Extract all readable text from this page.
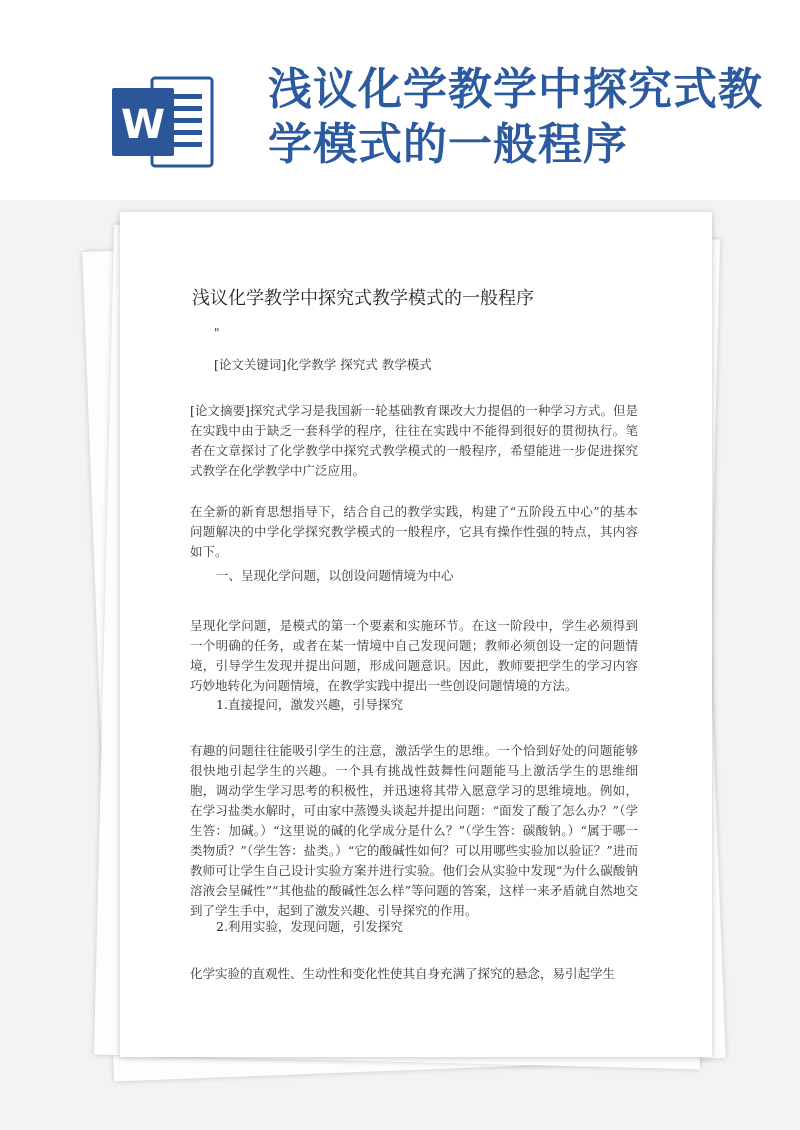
W
浅议化学教学中探究式教学模式的一般程序
浅议化学教学中探究式教学模式的一般程序
"
[论文关键词]化学教学 探究式 教学模式

[论文摘要]探究式学习是我国新一轮基础教育课改大力提倡的一种学习方式。但是在实践中由于缺乏一套科学的程序，往往在实践中不能得到很好的贯彻执行。笔者在文章探讨了化学教学中探究式教学模式的一般程序，希望能进一步促进探究式教学在化学教学中广泛应用。

在全新的新育思想指导下，结合自己的教学实践，构建了“五阶段五中心”的基本问题解决的中学化学探究教学模式的一般程序，它具有操作性强的特点，其内容如下。

一、呈现化学问题，以创设问题情境为中心

呈现化学问题，是模式的第一个要素和实施环节。在这一阶段中，学生必须得到一个明确的任务，或者在某一情境中自己发现问题；教师必须创设一定的问题情境，引导学生发现并提出问题，形成问题意识。因此，教师要把学生的学习内容巧妙地转化为问题情境，在教学实践中提出一些创设问题情境的方法。

1.直接提问，激发兴趣，引导探究

有趣的问题往往能吸引学生的注意，激活学生的思维。一个恰到好处的问题能够很快地引起学生的兴趣。一个具有挑战性鼓舞性问题能马上激活学生的思维细胞，调动学生学习思考的积极性，并迅速将其带入愿意学习的思维境地。例如，在学习盐类水解时，可由家中蒸馒头谈起并提出问题：“面发了酸了怎么办？”（学生答：加碱。）“这里说的碱的化学成分是什么？”（学生答：碳酸钠。）“属于哪一类物质？”（学生答：盐类。）“它的酸碱性如何？可以用哪些实验加以验证？”进而教师可让学生自己设计实验方案并进行实验。他们会从实验中发现“为什么碳酸钠溶液会呈碱性”“其他盐的酸碱性怎么样”等问题的答案，这样一来矛盾就自然地交到了学生手中，起到了激发兴趣、引导探究的作用。

2.利用实验，发现问题，引发探究

化学实验的直观性、生动性和变化性使其自身充满了探究的悬念，易引起学生
